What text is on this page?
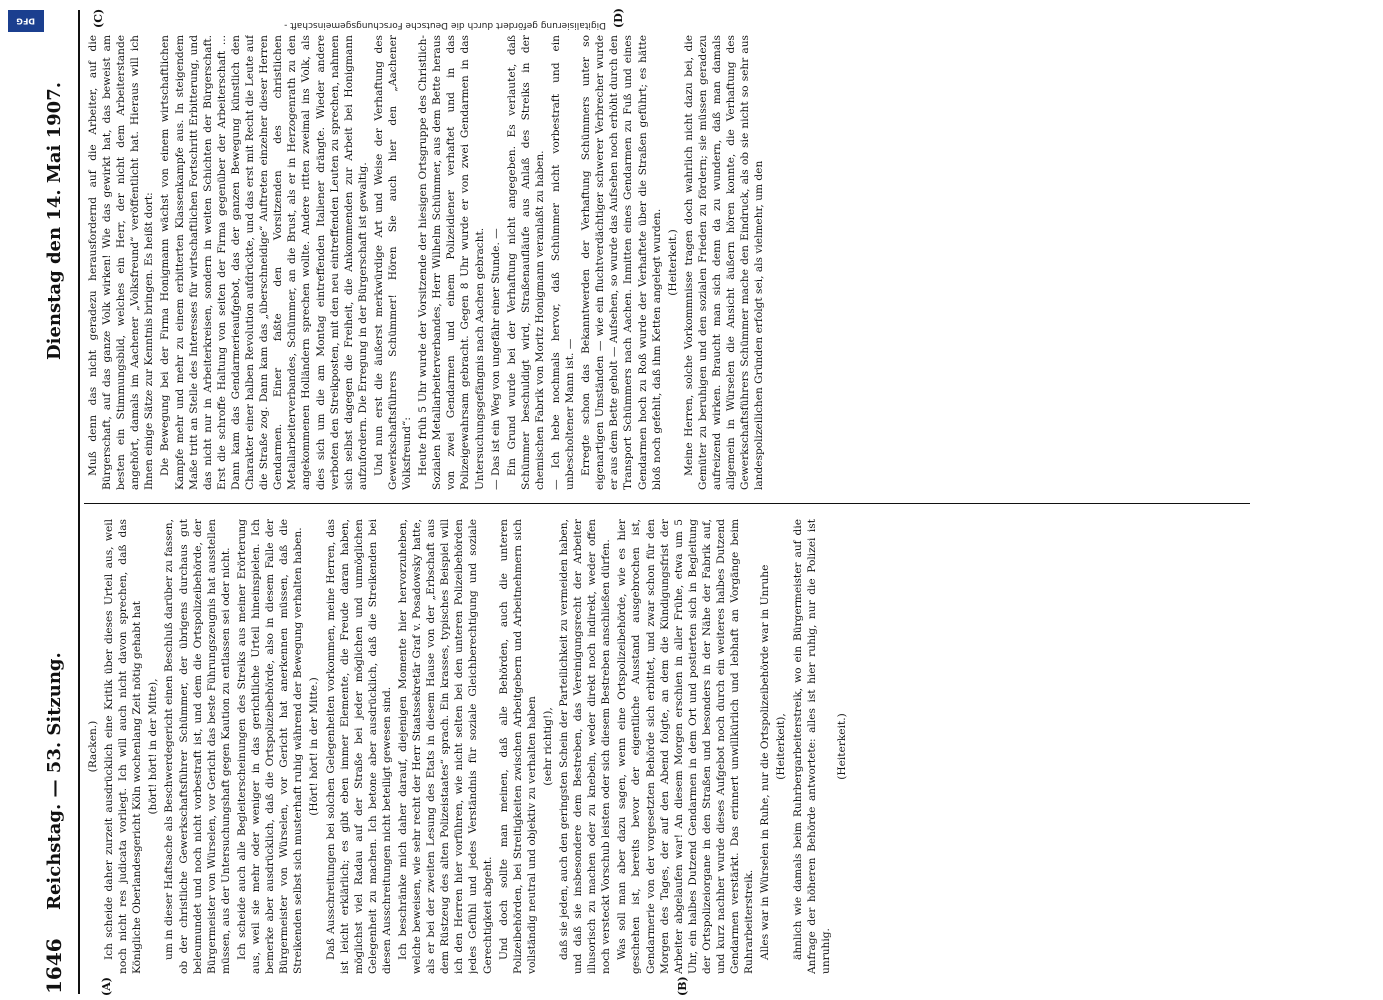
1646
Reichstag. — 53. Sitzung.
Dienstag den 14. Mai 1907.
(A)	(B)
(C)	(D)

(Racken.) Ich scheide daher zurzeit ausdrücklich eine Kritik über dieses Urteil aus, weil noch nicht res judicata vorliegt. Ich will auch nicht davon sprechen, daß das Königliche Oberlandesgericht Köln wochenlang Zeit nötig gehabt hat (hört! hört! in der Mitte), um in dieser Haftsache als Beschwerdegericht einen Beschluß darüber zu fassen, ob der christliche Gewerkschaftsführer Schümmer, der übrigens durchaus gut beleumundet und noch nicht vorbestraft ist, und dem die Ortspolizeibehörde, der Bürgermeister von Würselen, vor Gericht das beste Führungszeugnis hat ausstellen müssen, aus der Untersuchungshaft gegen Kaution zu entlassen sei oder nicht. Ich scheide auch alle Begleiterscheinungen des Streiks aus meiner Erörterung aus, weil sie mehr oder weniger in das gerichtliche Urteil hineinspielen. Ich bemerke aber ausdrücklich, daß die Ortspolizeibehörde, also in diesem Falle der Bürgermeister von Würselen, vor Gericht hat anerkennen müssen, daß die Streikenden selbst sich musterhaft ruhig während der Bewegung verhalten haben. (Hört! hört! in der Mitte.) Daß Ausschreitungen bei solchen Gelegenheiten vorkommen, meine Herren, das ist leicht erklärlich; es gibt eben immer Elemente, die Freude daran haben, möglichst viel Radau auf der Straße bei jeder möglichen und unmöglichen Gelegenheit zu machen. Ich betone aber ausdrücklich, daß die Streikenden bei diesen Ausschreitungen nicht beteiligt gewesen sind. Ich beschränke mich daher darauf, diejenigen Momente hier hervorzuheben, welche beweisen, wie sehr recht der Herr Staatssekretär Graf v. Posadowsky hatte, als er bei der zweiten Lesung des Etats in diesem Hause von der „Erbschaft aus dem Rüstzeug des alten Polizeistaates“ sprach. Ein krasses, typisches Beispiel will ich den Herren hier vorführen, wie nicht selten bei den unteren Polizeibehörden jedes Gefühl und jedes Verständnis für soziale Gleichberechtigung und soziale Gerechtigkeit abgeht. Und doch sollte man meinen, daß alle Behörden, auch die unteren Polizeibehörden, bei Streitigkeiten zwischen Arbeitgebern und Arbeitnehmern sich vollständig neutral und objektiv zu verhalten haben (sehr richtig!), daß sie jeden, auch den geringsten Schein der Parteilichkeit zu vermeiden haben, und daß sie insbesondere dem Bestreben, das Vereinigungsrecht der Arbeiter illusorisch zu machen oder zu knebeln, weder direkt noch indirekt, weder offen noch versteckt Vorschub leisten oder sich diesem Bestreben anschließen dürfen. Was soll man aber dazu sagen, wenn eine Ortspolizeibehörde, wie es hier geschehen ist, bereits bevor der eigentliche Ausstand ausgebrochen ist, Gendarmerie von der vorgesetzten Behörde sich erbittet, und zwar schon für den Morgen des Tages, der auf den Abend folgte, an dem die Kündigungsfrist der Arbeiter abgelaufen war! An diesem Morgen erschien in aller Frühe, etwa um 5 Uhr, ein halbes Dutzend Gendarmen in dem Ort und postierten sich in Begleitung der Ortspolizeiorgane in den Straßen und besonders in der Nähe der Fabrik auf, und kurz nachher wurde dieses Aufgebot noch durch ein weiteres halbes Dutzend Gendarmen verstärkt. Das erinnert unwillkürlich und lebhaft an Vorgänge beim Ruhrarbeiterstreik. Alles war in Würselen in Ruhe, nur die Ortspolizeibehörde war in Unruhe (Heiterkeit), ähnlich wie damals beim Ruhrbergarbeiterstreik, wo ein Bürgermeister auf die Anfrage der höheren Behörde antwortete: alles ist hier ruhig, nur die Polizei ist unruhig.

(Heiterkeit.)

Muß denn das nicht geradezu herausfordernd auf die Arbeiter, auf die Bürgerschaft, auf das ganze Volk wirken! Wie das gewirkt hat, das beweist am besten ein Stimmungsbild, welches ein Herr, der nicht dem Arbeiterstande angehört, damals im Aachener „Volksfreund“ veröffentlicht hat. Hieraus will ich Ihnen einige Sätze zur Kenntnis bringen. Es heißt dort: Die Bewegung bei der Firma Honigmann wächst von einem wirtschaftlichen Kampfe mehr und mehr zu einem erbitterten Klassenkampfe aus. In steigendem Maße tritt an Stelle des Interesses für wirtschaftlichen Fortschritt Erbitterung, und das nicht nur in Arbeiterkreisen, sondern in weiten Schichten der Bürgerschaft. Erst die schroffe Haltung von seiten der Firma gegenüber der Arbeiterschaft ... Dann kam das Gendarmerieaufgebot, das der ganzen Bewegung künstlich den Charakter einer halben Revolution aufdrückte, und das erst mit Recht die Leute auf die Straße zog. Dann kam das „überschneidige“ Auftreten einzelner dieser Herren Gendarmen. Einer faßte den Vorsitzenden des christlichen Metallarbeiterverbandes, Schümmer, an die Brust, als er in Herzogenrath zu den angekommenen Holländern sprechen wollte. Andere ritten zweimal ins Volk, als dies sich um die am Montag eintreffenden Italiener drängte. Wieder andere verboten den Streikposten, mit den neu eintreffenden Leuten zu sprechen, nahmen sich selbst dagegen die Freiheit, die Ankommenden zur Arbeit bei Honigmann aufzufordern. Die Erregung in der Bürgerschaft ist gewaltig. Und nun erst die äußerst merkwürdige Art und Weise der Verhaftung des Gewerkschaftsführers Schümmer! Hören Sie auch hier den „Aachener Volksfreund“: Heute früh 5 Uhr wurde der Vorsitzende der hiesigen Ortsgruppe des Christlich-Sozialen Metallarbeiterverbandes, Herr Wilhelm Schümmer, aus dem Bette heraus von zwei Gendarmen und einem Polizeidiener verhaftet und in das Polizeigewahrsam gebracht. Gegen 8 Uhr wurde er von zwei Gendarmen in das Untersuchungsgefängnis nach Aachen gebracht. — Das ist ein Weg von ungefähr einer Stunde. — Ein Grund wurde bei der Verhaftung nicht angegeben. Es verlautet, daß Schümmer beschuldigt wird, Straßenaufläufe aus Anlaß des Streiks in der chemischen Fabrik von Moritz Honigmann veranlaßt zu haben. — Ich hebe nochmals hervor, daß Schümmer nicht vorbestraft und ein unbescholtener Mann ist. — Erregte schon das Bekanntwerden der Verhaftung Schümmers unter so eigenartigen Umständen — wie ein fluchtverdächtiger schwerer Verbrecher wurde er aus dem Bette geholt — Aufsehen, so wurde das Aufsehen noch erhöht durch den Transport Schümmers nach Aachen. Inmitten eines Gendarmen zu Fuß und eines Gendarmen hoch zu Roß wurde der Verhaftete über die Straßen geführt; es hätte bloß noch gefehlt, daß ihm Ketten angelegt wurden. (Heiterkeit.) Meine Herren, solche Vorkommnisse tragen doch wahrlich nicht dazu bei, die Gemüter zu beruhigen und den sozialen Frieden zu fördern; sie müssen geradezu aufreizend wirken. Braucht man sich denn da zu wundern, daß man damals allgemein in Würselen die Ansicht äußern hören konnte, die Verhaftung des Gewerkschaftsführers Schümmer mache den Eindruck, als ob sie nicht so sehr aus landespolizeilichen Gründen erfolgt sei, als vielmehr, um den

Digitalisierung gefördert durch die Deutsche Forschungsgemeinschaft -
DFG
